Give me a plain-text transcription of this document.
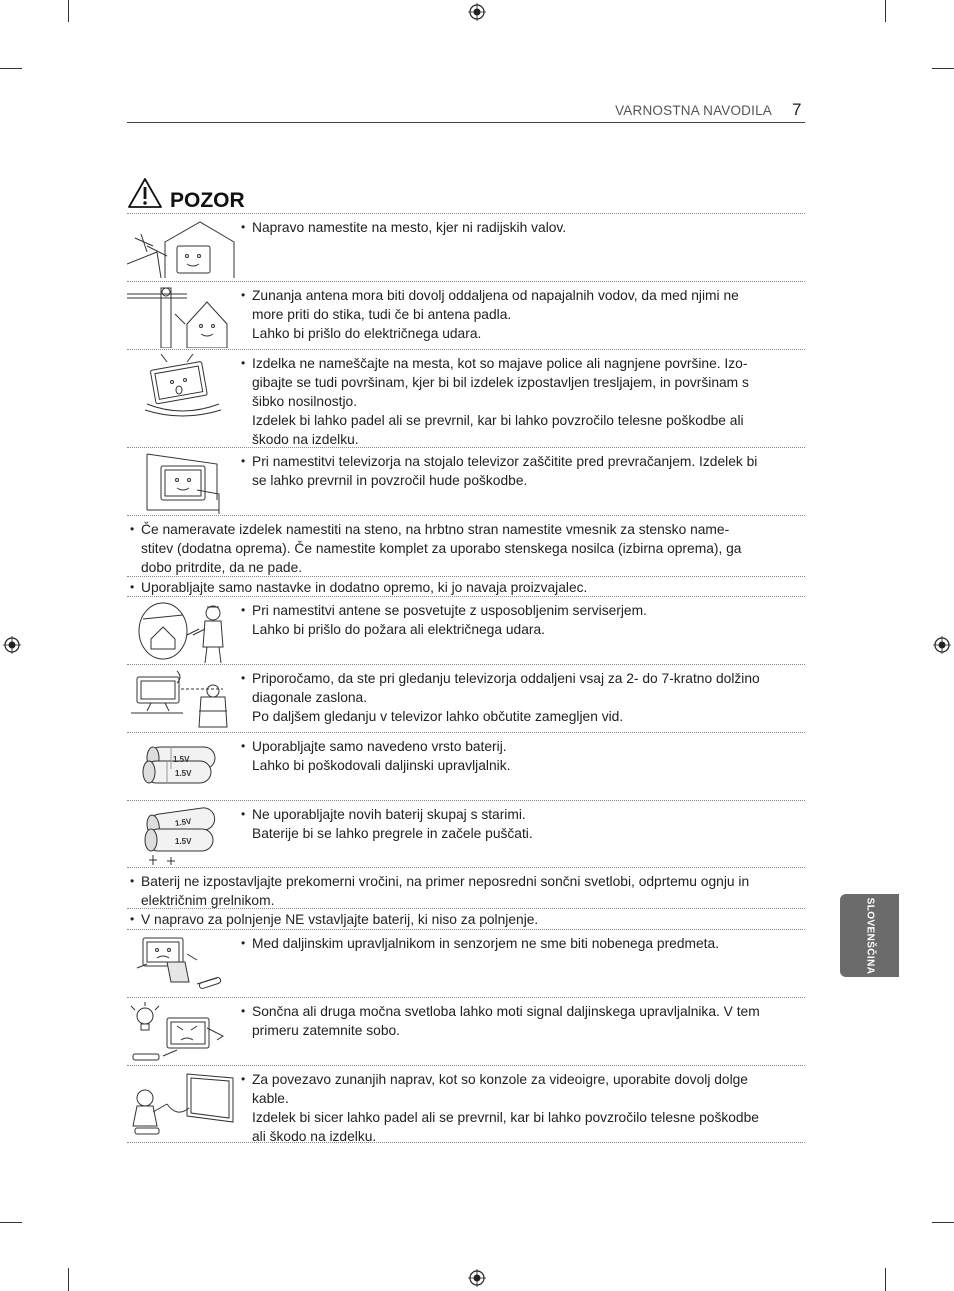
VARNOSTNA NAVODILA 7
SLOVENŠČINA
POZOR
• Napravo namestite na mesto, kjer ni radijskih valov.
• Zunanja antena mora biti dovolj oddaljena od napajalnih vodov, da med njimi ne
more priti do stika, tudi če bi antena padla.
Lahko bi prišlo do električnega udara.
• Izdelka ne nameščajte na mesta, kot so majave police ali nagnjene površine. Izo-
gibajte se tudi površinam, kjer bi bil izdelek izpostavljen tresljajem, in površinam s
šibko nosilnostjo.
Izdelek bi lahko padel ali se prevrnil, kar bi lahko povzročilo telesne poškodbe ali
škodo na izdelku.
• Pri namestitvi televizorja na stojalo televizor zaščitite pred prevračanjem. Izdelek bi
se lahko prevrnil in povzročil hude poškodbe.
• Če nameravate izdelek namestiti na steno, na hrbtno stran namestite vmesnik za stensko name-
stitev (dodatna oprema). Če namestite komplet za uporabo stenskega nosilca (izbirna oprema), ga
dobo pritrdite, da ne pade.
• Uporabljajte samo nastavke in dodatno opremo, ki jo navaja proizvajalec.
• Pri namestitvi antene se posvetujte z usposobljenim serviserjem.
Lahko bi prišlo do požara ali električnega udara.
• Priporočamo, da ste pri gledanju televizorja oddaljeni vsaj za 2- do 7-kratno dolžino
diagonale zaslona.
Po daljšem gledanju v televizor lahko občutite zamegljen vid.
1.5V
1.5V
• Uporabljajte samo navedeno vrsto baterij.
Lahko bi poškodovali daljinski upravljalnik.
1.5V
1.5V
• Ne uporabljajte novih baterij skupaj s starimi.
Baterije bi se lahko pregrele in začele puščati.
• Baterij ne izpostavljajte prekomerni vročini, na primer neposredni sončni svetlobi, odprtemu ognju in
električnim grelnikom.
• V napravo za polnjenje NE vstavljajte baterij, ki niso za polnjenje.
• Med daljinskim upravljalnikom in senzorjem ne sme biti nobenega predmeta.
• Sončna ali druga močna svetloba lahko moti signal daljinskega upravljalnika. V tem
primeru zatemnite sobo.
• Za povezavo zunanjih naprav, kot so konzole za videoigre, uporabite dovolj dolge
kable.
Izdelek bi sicer lahko padel ali se prevrnil, kar bi lahko povzročilo telesne poškodbe
ali škodo na izdelku.
